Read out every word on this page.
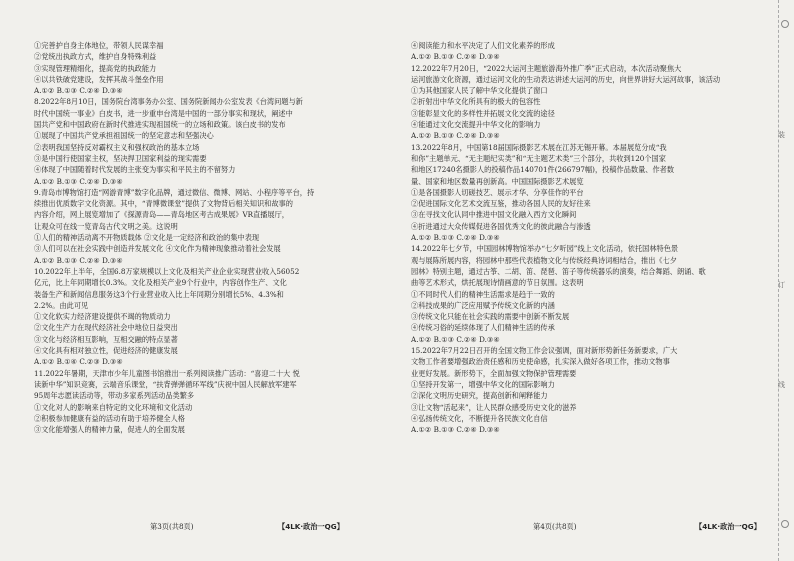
①完善护自身主体地位，带领人民谋幸福
②党统出执政方式，维护自身特殊利益
③实现管理精细化，提高党的执政能力
④以共铁破党建设，发挥其战斗堡垒作用
A.①② B.①③ C.②④ D.③④
8.2022年8月10日，国务院台湾事务办公室、国务院新闻办公室发表《台湾问题与新
时代中国统一事业》白皮书，进一步重申台湾是中国的一部分事实和现状，阐述中
国共产党和中国政府在新时代推进实现祖国统一的立场和政策。该白皮书的发布
①展现了中国共产党承担祖国统一的坚定意志和坚强决心
②表明我国坚持反对霸权主义和强权政治的基本立场
③是中国行使国家主权，坚决捍卫国家利益的现实需要
④体现了中国随着时代发展的主张变为事实和平民主的不留努力
A.①② B.①③ C.②④ D.③④
9.青岛市博物馆打造“网游青博”数字化品牌，通过微信、微博、网站、小程序等平台，持
续推出优质数字文化资源。其中，“青博微课堂”提供了文物背后相关知识和故事的
内容介绍，网上展览增加了《探源青岛——青岛地区考古成果展》VR直播展厅，
让观众可在线一览青岛古代文明之美。这说明
①人们的精神活动离不开物质载体 ②文化是一定经济和政治的集中表现
③人们可以在社会实践中创造并发展文化 ④文化作为精神现象推动着社会发展
A.①② B.①③ C.②④ D.③④
10.2022年上半年，全国6.8万家规模以上文化及相关产业企业实现营业收入56052
亿元，比上年同期增长0.3%。文化及相关产业9个行业中，内容创作生产、文化
装备生产和新闻信息服务这3个行业营业收入比上年同期分别增长5%、4.3%和
2.2%。由此可见
①文化软实力经济建设提供不竭的物质动力
②文化生产力在现代经济社会中地位日益突出
③文化与经济相互影响，互相交融的特点显著
④文化具有相对独立性，促进经济的健康发展
A.①② B.①④ C.②③ D.③④
11.2022年暑期，天津市少年儿童图书馆推出一系列阅读推广活动：“喜迎二十大 悦
读新中华”知识竞赛，云端音乐课堂，“扶背弹弹循环军线”庆祝中国人民解放军建军
95周年志愿读活动等，带动多家系列活动品类繁多
①文化对人的影响来自特定的文化环境和文化活动
②积极参加健康有益的活动有助于培养健全人格
③文化能增强人的精神力量，促进人的全面发展
第3页(共8页)	【4LK·政治一QG】
④阅读能力和水平决定了人们文化素养的形成
A.①② B.①③ C.②④ D.③④
12.2022年7月20日，“2022大运河主题旅游海外推广季”正式启动，本次活动聚焦大
运河旅游文化资源，通过运河文化的生动表达讲述大运河的历史，向世界讲好大运河故事，该活动
①为其他国家人民了解中华文化提供了窗口
②折射出中华文化所具有的极大的包容性
③能彰显文化的多样性并拓展文化交流的途径
④能通过文化交流提升中华文化的影响力
A.①② B.①③ C.②④ D.③④
13.2022年8月，中国第18届国际摄影艺术展在江苏无锡开幕。本届展览分成“我
和你”主题单元、“无主题纪实类”和“无主题艺术类”三个部分，共收到120个国家
和地区17240名摄影人的投稿作品140701件(266797幅)，投稿作品数量、作者数
量、国家和地区数量再创新高。中国国际摄影艺术展览
①是各国摄影人切磋技艺、展示才华、分享佳作的平台
②促进国际文化艺术交流互鉴，推动各国人民的友好往来
③在寻找文化认同中推进中国文化融入西方文化瞬间
④折进通过大众传媒促进各国优秀文化的彼此融合与渗透
A.①② B.①③ C.②④ D.③④
14.2022年七夕节，中国园林博物馆举办“七夕听园”线上文化活动，依托国林特色景
观与展陈所展内容，将园林中那些代表植物文化与传统经典诗词相结合，推出《七夕
园林》特别主题，通过古筝、二胡、笛、琵琶、笛子等传统器乐的演奏，结合舞蹈、朗诵、歌
曲等艺术形式，烘托展现诗情画意的节日氛围。这表明
①不同时代人们的精神生活需求是趋于一致的
②科技成果的广泛应用赋予传统文化新的内涵
③传统文化只能在社会实践的需要中创新不断发展
④传统习俗的延续体现了人们精神生活的传承
A.①② B.①③ C.②④ D.③④
15.2022年7月22日召开的全国文物工作会议强调，面对新形势新任务新要求，广大
文物工作者要增强政治责任感和历史使命感，扎实深入做好各项工作，推动文物事
业更好发展。新形势下，全面加强文物保护管理需要
①坚持开发第一，增强中华文化的国际影响力
②深化文明历史研究，提高创新和阐释能力
③让文物“活起来”，让人民群众感受历史文化的滋养
④弘扬传统文化，不断提升各民族文化自信
A.①② B.①③ C.②④ D.③④
第4页(共8页)	【4LK·政治一QG】
装
订
线
